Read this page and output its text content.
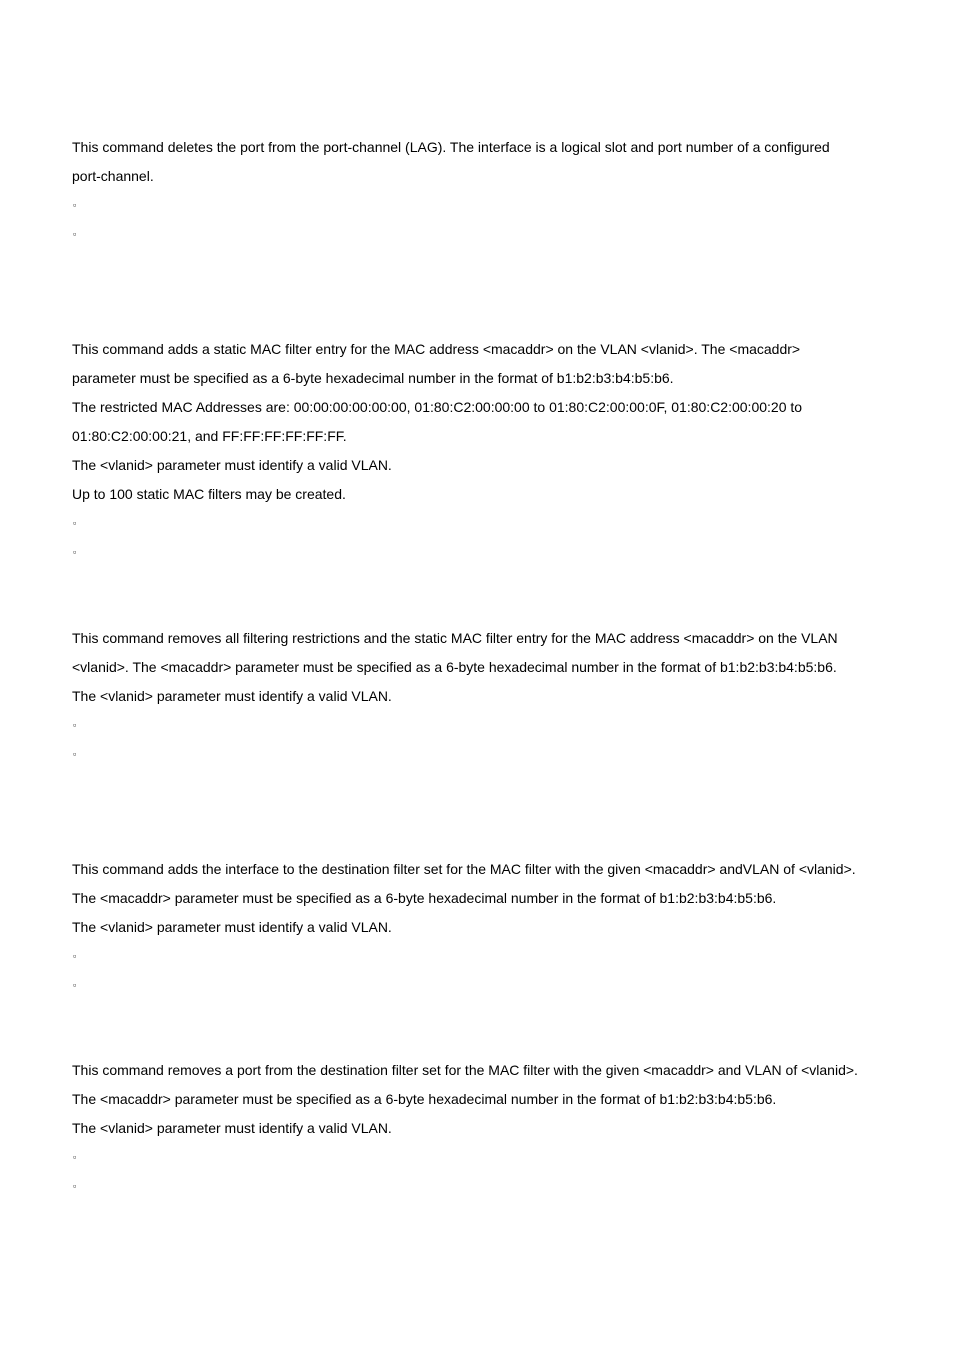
This command deletes the port from the port-channel (LAG). The interface is a logical slot and port number of a configured
port-channel.
▫
▫
This command adds a static MAC filter entry for the MAC address <macaddr> on the VLAN <vlanid>. The <macaddr>
parameter must be specified as a 6-byte hexadecimal number in the format of b1:b2:b3:b4:b5:b6.
The restricted MAC Addresses are: 00:00:00:00:00:00, 01:80:C2:00:00:00 to 01:80:C2:00:00:0F, 01:80:C2:00:00:20 to
01:80:C2:00:00:21, and FF:FF:FF:FF:FF:FF.
The <vlanid> parameter must identify a valid VLAN.
Up to 100 static MAC filters may be created.
▫
▫
This command removes all filtering restrictions and the static MAC filter entry for the MAC address <macaddr> on the VLAN
<vlanid>. The <macaddr> parameter must be specified as a 6-byte hexadecimal number in the format of b1:b2:b3:b4:b5:b6.
The <vlanid> parameter must identify a valid VLAN.
▫
▫
This command adds the interface to the destination filter set for the MAC filter with the given <macaddr> andVLAN of <vlanid>.
The <macaddr> parameter must be specified as a 6-byte hexadecimal number in the format of b1:b2:b3:b4:b5:b6.
The <vlanid> parameter must identify a valid VLAN.
▫
▫
This command removes a port from the destination filter set for the MAC filter with the given <macaddr> and VLAN of <vlanid>.
The <macaddr> parameter must be specified as a 6-byte hexadecimal number in the format of b1:b2:b3:b4:b5:b6.
The <vlanid> parameter must identify a valid VLAN.
▫
▫
